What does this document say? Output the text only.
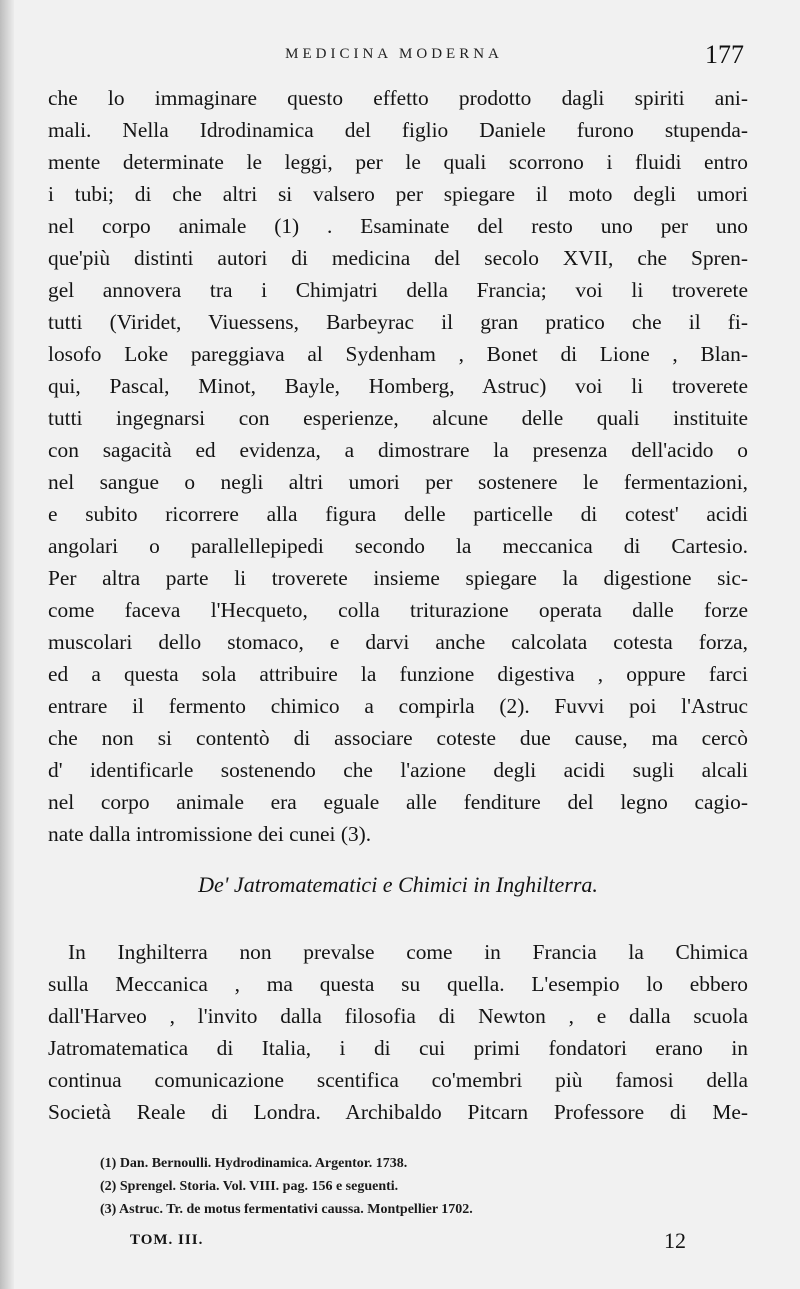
MEDICINA MODERNA	177
che lo immaginare questo effetto prodotto dagli spiriti ani-
mali. Nella Idrodinamica del figlio Daniele furono stupenda-
mente determinate le leggi, per le quali scorrono i fluidi entro
i tubi; di che altri si valsero per spiegare il moto degli umori
nel corpo animale (1) . Esaminate del resto uno per uno
que'più distinti autori di medicina del secolo XVII, che Spren-
gel annovera tra i Chimjatri della Francia; voi li troverete
tutti (Viridet, Viuessens, Barbeyrac il gran pratico che il fi-
losofo Loke pareggiava al Sydenham , Bonet di Lione , Blan-
qui, Pascal, Minot, Bayle, Homberg, Astruc) voi li troverete
tutti ingegnarsi con esperienze, alcune delle quali instituite
con sagacità ed evidenza, a dimostrare la presenza dell'acido o
nel sangue o negli altri umori per sostenere le fermentazioni,
e subito ricorrere alla figura delle particelle di cotest' acidi
angolari o parallellepipedi secondo la meccanica di Cartesio.
Per altra parte li troverete insieme spiegare la digestione sic-
come faceva l'Hecqueto, colla triturazione operata dalle forze
muscolari dello stomaco, e darvi anche calcolata cotesta forza,
ed a questa sola attribuire la funzione digestiva , oppure farci
entrare il fermento chimico a compirla (2). Fuvvi poi l'Astruc
che non si contentò di associare coteste due cause, ma cercò
d' identificarle sostenendo che l'azione degli acidi sugli alcali
nel corpo animale era eguale alle fenditure del legno cagio-
nate dalla intromissione dei cunei (3).
De' Jatromatematici e Chimici in Inghilterra.
In Inghilterra non prevalse come in Francia la Chimica
sulla Meccanica , ma questa su quella. L'esempio lo ebbero
dall'Harveo , l'invito dalla filosofia di Newton , e dalla scuola
Jatromatematica di Italia, i di cui primi fondatori erano in
continua comunicazione scentifica co'membri più famosi della
Società Reale di Londra. Archibaldo Pitcarn Professore di Me-
(1) Dan. Bernoulli. Hydrodinamica. Argentor. 1738.
(2) Sprengel. Storia. Vol. VIII. pag. 156 e seguenti.
(3) Astruc. Tr. de motus fermentativi caussa. Montpellier 1702.
TOM. III.	12
